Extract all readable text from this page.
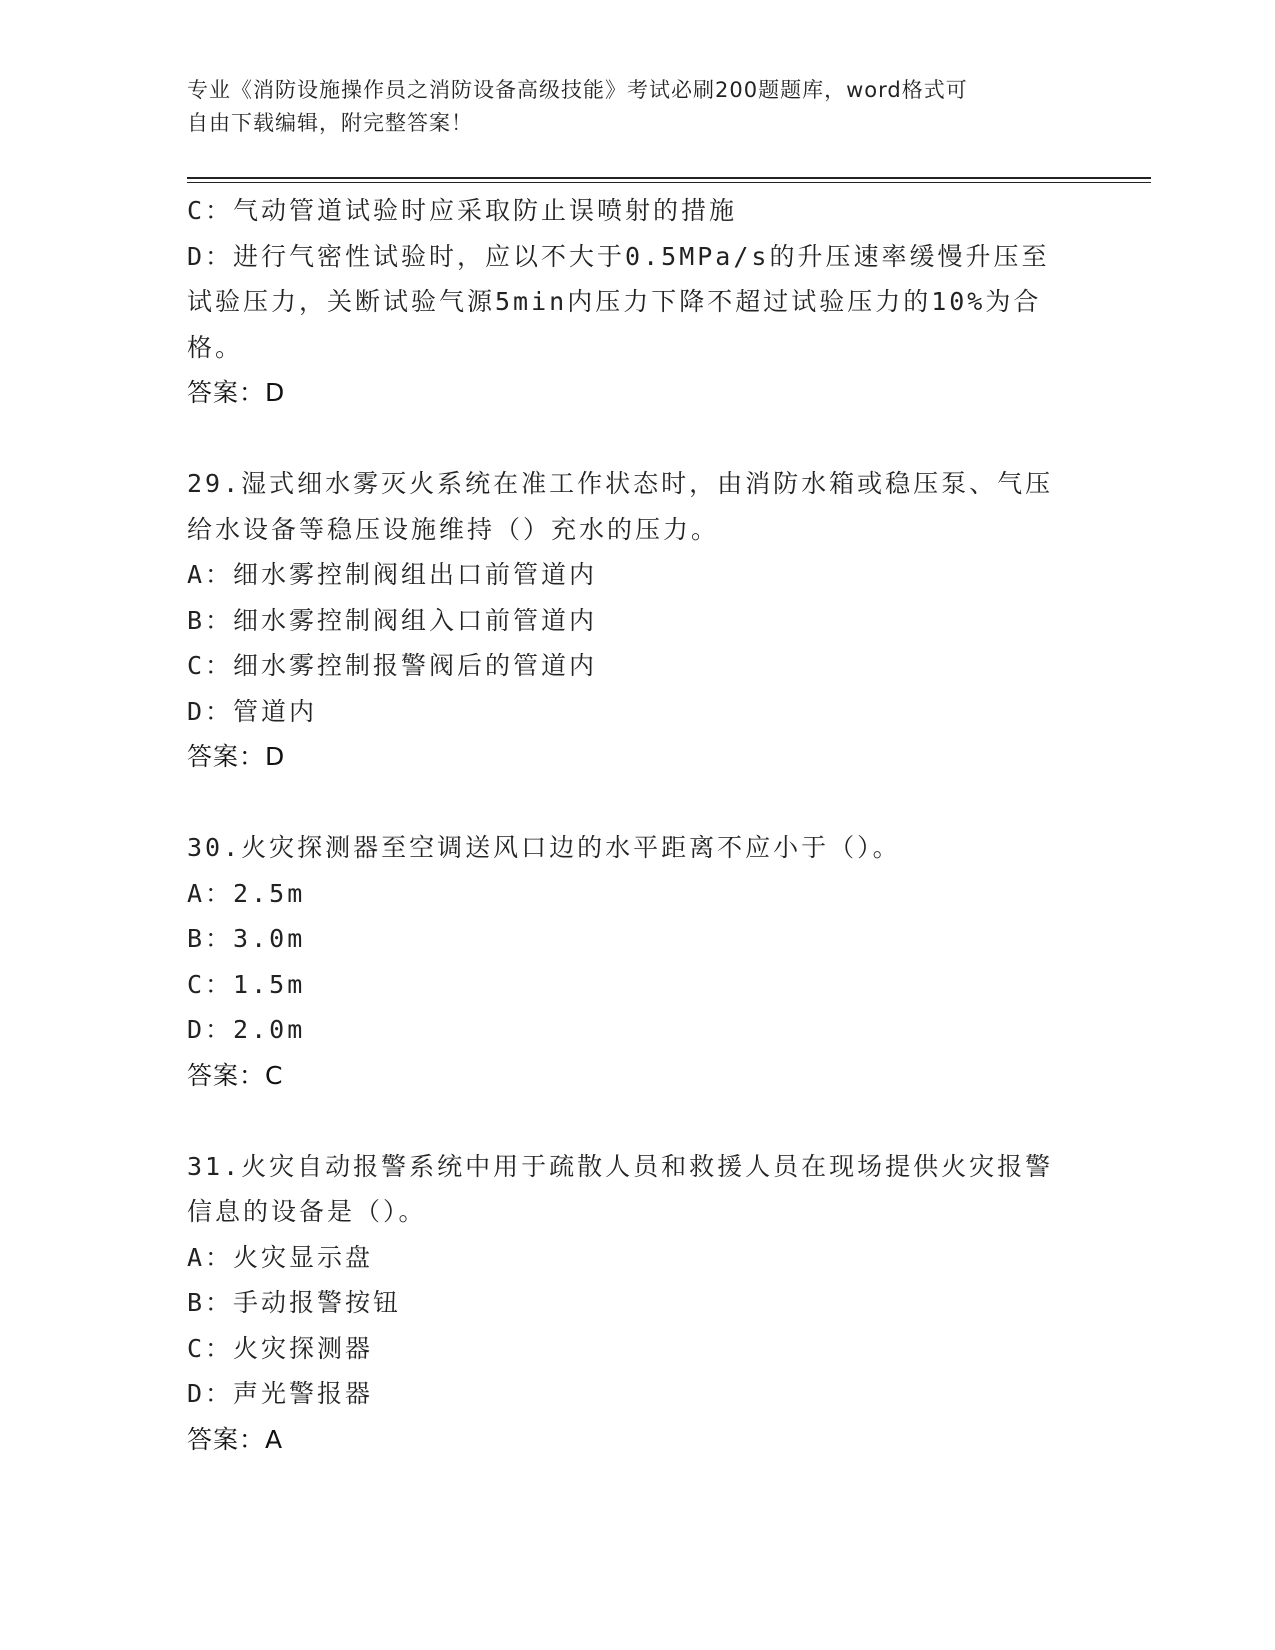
专业《消防设施操作员之消防设备高级技能》考试必刷200题题库，word格式可
自由下载编辑，附完整答案！
C：气动管道试验时应采取防止误喷射的措施
D：进行气密性试验时，应以不大于0.5MPa/s的升压速率缓慢升压至
试验压力，关断试验气源5min内压力下降不超过试验压力的10%为合
格。
答案：D
29.湿式细水雾灭火系统在准工作状态时，由消防水箱或稳压泵、气压
给水设备等稳压设施维持（）充水的压力。
A：细水雾控制阀组出口前管道内
B：细水雾控制阀组入口前管道内
C：细水雾控制报警阀后的管道内
D：管道内
答案：D
30.火灾探测器至空调送风口边的水平距离不应小于（）。
A：2.5m
B：3.0m
C：1.5m
D：2.0m
答案：C
31.火灾自动报警系统中用于疏散人员和救援人员在现场提供火灾报警
信息的设备是（）。
A：火灾显示盘
B：手动报警按钮
C：火灾探测器
D：声光警报器
答案：A
